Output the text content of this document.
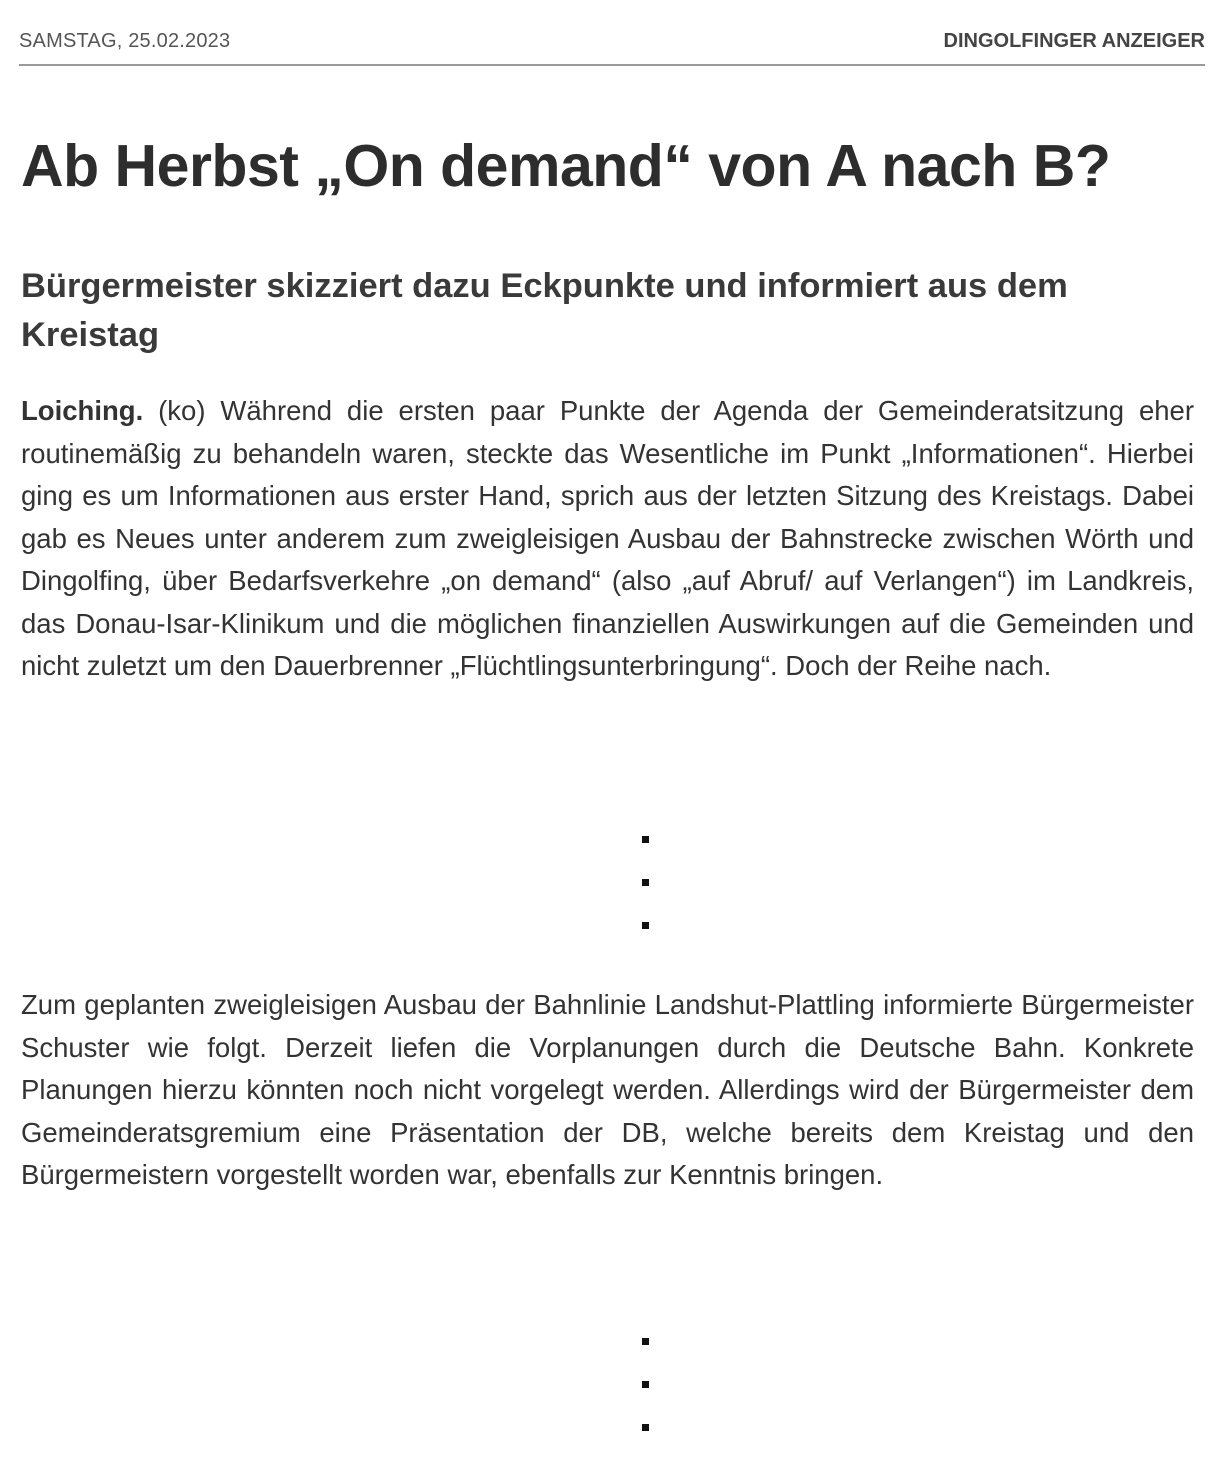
SAMSTAG, 25.02.2023	DINGOLFINGER ANZEIGER
Ab Herbst „On demand“ von A nach B?
Bürgermeister skizziert dazu Eckpunkte und informiert aus dem Kreistag

Loiching. (ko) Während die ersten paar Punkte der Agenda der Gemeinderatsitzung eher routinemäßig zu behandeln waren, steckte das Wesentliche im Punkt „Informationen“. Hierbei ging es um Informationen aus erster Hand, sprich aus der letzten Sitzung des Kreistags. Dabei gab es Neues unter anderem zum zweigleisigen Ausbau der Bahnstrecke zwischen Wörth und Dingolfing, über Bedarfsverkehre „on demand“ (also „auf Abruf/ auf Verlangen“) im Landkreis, das Donau-Isar-Klinikum und die möglichen finanziellen Auswirkungen auf die Gemeinden und nicht zuletzt um den Dauerbrenner „Flüchtlingsunterbringung“. Doch der Reihe nach.

Zum geplanten zweigleisigen Ausbau der Bahnlinie Landshut-Plattling informierte Bürgermeister Schuster wie folgt. Derzeit liefen die Vorplanungen durch die Deutsche Bahn. Konkrete Planungen hierzu könnten noch nicht vorgelegt werden. Allerdings wird der Bürgermeister dem Gemeinderatsgremium eine Präsentation der DB, welche bereits dem Kreistag und den Bürgermeistern vorgestellt worden war, ebenfalls zur Kenntnis bringen.
